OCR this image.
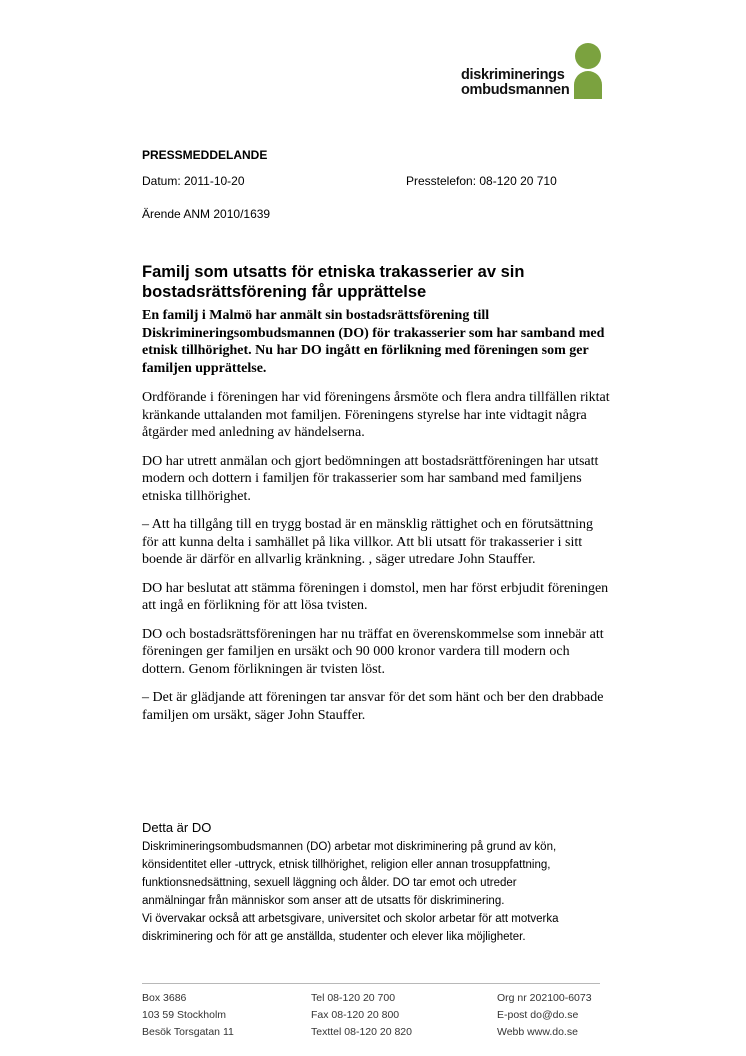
diskriminerings
ombudsmannen
PRESSMEDDELANDE
Datum: 2011-10-20	Presstelefon: 08-120 20 710
Ärende ANM 2010/1639
Familj som utsatts för etniska trakasserier av sin bostadsrättsförening får upprättelse

En familj i Malmö har anmält sin bostadsrättsförening till Diskrimineringsombudsmannen (DO) för trakasserier som har samband med etnisk tillhörighet. Nu har DO ingått en förlikning med föreningen som ger familjen upprättelse.

Ordförande i föreningen har vid föreningens årsmöte och flera andra tillfällen riktat kränkande uttalanden mot familjen. Föreningens styrelse har inte vidtagit några åtgärder med anledning av händelserna.

DO har utrett anmälan och gjort bedömningen att bostadsrättföreningen har utsatt modern och dottern i familjen för trakasserier som har samband med familjens etniska tillhörighet.

– Att ha tillgång till en trygg bostad är en mänsklig rättighet och en förutsättning för att kunna delta i samhället på lika villkor. Att bli utsatt för trakasserier i sitt boende är därför en allvarlig kränkning. , säger utredare John Stauffer.

DO har beslutat att stämma föreningen i domstol, men har först erbjudit föreningen att ingå en förlikning för att lösa tvisten.

DO och bostadsrättsföreningen har nu träffat en överenskommelse som innebär att föreningen ger familjen en ursäkt och 90 000 kronor vardera till modern och dottern. Genom förlikningen är tvisten löst.

– Det är glädjande att föreningen tar ansvar för det som hänt och ber den drabbade familjen om ursäkt, säger John Stauffer.

Detta är DO
Diskrimineringsombudsmannen (DO) arbetar mot diskriminering på grund av kön,
könsidentitet eller -uttryck, etnisk tillhörighet, religion eller annan trosuppfattning,
funktionsnedsättning, sexuell läggning och ålder. DO tar emot och utreder
anmälningar från människor som anser att de utsatts för diskriminering.
Vi övervakar också att arbetsgivare, universitet och skolor arbetar för att motverka
diskriminering och för att ge anställda, studenter och elever lika möjligheter.
Box 3686
103 59 Stockholm
Besök Torsgatan 11
Tel 08-120 20 700
Fax 08-120 20 800
Texttel 08-120 20 820
Org nr 202100-6073
E-post do@do.se
Webb www.do.se
